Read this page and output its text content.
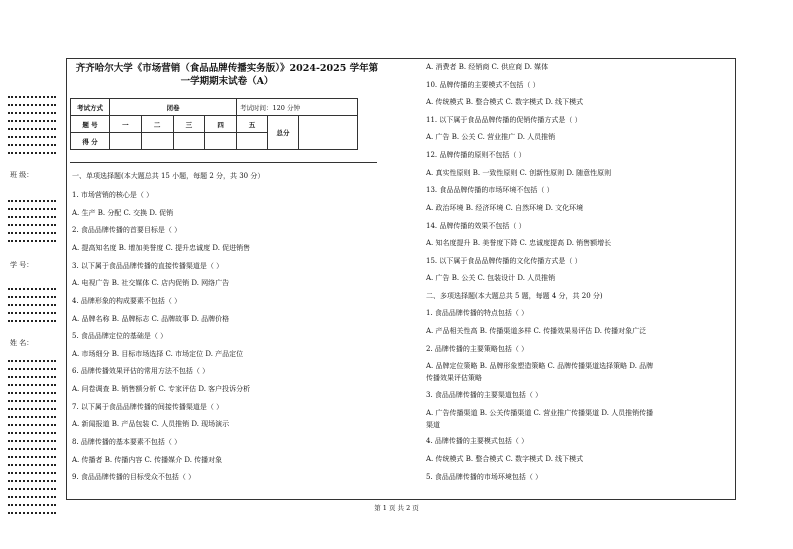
班 级：
学 号：
姓 名：
齐齐哈尔大学《市场营销（食品品牌传播实务版）》2024-2025 学年第
一学期期末试卷（A）
考试方式	闭卷				考试时间：120 分钟		
题 号	一	二	三	四	五	总分	
得 分							

一、单项选择题(本大题总共 15 小题，每题 2 分，共 30 分）

1. 市场营销的核心是（ ）

A. 生产 B. 分配 C. 交换 D. 促销

2. 食品品牌传播的首要目标是（ ）

A. 提高知名度 B. 增加美誉度 C. 提升忠诚度 D. 促进销售

3. 以下属于食品品牌传播的直接传播渠道是（ ）

A. 电视广告 B. 社交媒体 C. 店内促销 D. 网络广告

4. 品牌形象的构成要素不包括（ ）

A. 品牌名称 B. 品牌标志 C. 品牌故事 D. 品牌价格

5. 食品品牌定位的基础是（ ）

A. 市场细分 B. 目标市场选择 C. 市场定位 D. 产品定位

6. 品牌传播效果评估的常用方法不包括（ ）

A. 问卷调查 B. 销售额分析 C. 专家评估 D. 客户投诉分析

7. 以下属于食品品牌传播的间接传播渠道是（ ）

A. 新闻报道 B. 产品包装 C. 人员推销 D. 现场演示

8. 品牌传播的基本要素不包括（ ）

A. 传播者 B. 传播内容 C. 传播媒介 D. 传播对象

9. 食品品牌传播的目标受众不包括（ ）

A. 消费者 B. 经销商 C. 供应商 D. 媒体

10. 品牌传播的主要模式不包括（ ）

A. 传统模式 B. 整合模式 C. 数字模式 D. 线下模式

11. 以下属于食品品牌传播的促销传播方式是（ ）

A. 广告 B. 公关 C. 营业推广 D. 人员推销

12. 品牌传播的原则不包括（ ）

A. 真实性原则 B. 一致性原则 C. 创新性原则 D. 随意性原则

13. 食品品牌传播的市场环境不包括（ ）

A. 政治环境 B. 经济环境 C. 自然环境 D. 文化环境

14. 品牌传播的效果不包括（ ）

A. 知名度提升 B. 美誉度下降 C. 忠诚度提高 D. 销售额增长

15. 以下属于食品品牌传播的文化传播方式是（ ）

A. 广告 B. 公关 C. 包装设计 D. 人员推销

二、多项选择题(本大题总共 5 题，每题 4 分，共 20 分)

1. 食品品牌传播的特点包括（ ）

A. 产品相关性高 B. 传播渠道多样 C. 传播效果易评估 D. 传播对象广泛

2. 品牌传播的主要策略包括（ ）

A. 品牌定位策略 B. 品牌形象塑造策略 C. 品牌传播渠道选择策略 D. 品牌

传播效果评估策略

3. 食品品牌传播的主要渠道包括（ ）

A. 广告传播渠道 B. 公关传播渠道 C. 营业推广传播渠道 D. 人员推销传播

渠道

4. 品牌传播的主要模式包括（ ）

A. 传统模式 B. 整合模式 C. 数字模式 D. 线下模式

5. 食品品牌传播的市场环境包括（ ）

第 1 页 共 2 页
